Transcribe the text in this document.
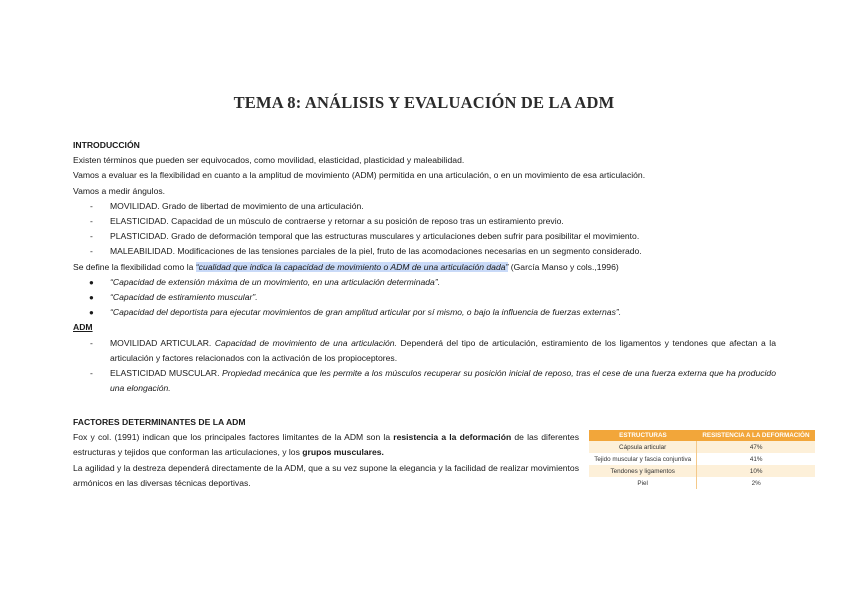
TEMA 8: ANÁLISIS Y EVALUACIÓN DE LA ADM
INTRODUCCIÓN
Existen términos que pueden ser equivocados, como movilidad, elasticidad, plasticidad y maleabilidad.
Vamos a evaluar es la flexibilidad en cuanto a la amplitud de movimiento (ADM) permitida en una articulación, o en un movimiento de esa articulación.
Vamos a medir ángulos.
- MOVILIDAD. Grado de libertad de movimiento de una articulación.
- ELASTICIDAD. Capacidad de un músculo de contraerse y retornar a su posición de reposo tras un estiramiento previo.
- PLASTICIDAD. Grado de deformación temporal que las estructuras musculares y articulaciones deben sufrir para posibilitar el movimiento.
- MALEABILIDAD. Modificaciones de las tensiones parciales de la piel, fruto de las acomodaciones necesarias en un segmento considerado.
Se define la flexibilidad como la “cualidad que indica la capacidad de movimiento o ADM de una articulación dada” (García Manso y cols.,1996)
● “Capacidad de extensión máxima de un movimiento, en una articulación determinada”.
● “Capacidad de estiramiento muscular”.
● “Capacidad del deportista para ejecutar movimientos de gran amplitud articular por sí mismo, o bajo la influencia de fuerzas externas”.
ADM
- MOVILIDAD ARTICULAR. Capacidad de movimiento de una articulación. Dependerá del tipo de articulación, estiramiento de los ligamentos y tendones que afectan a la articulación y factores relacionados con la activación de los propioceptores.
- ELASTICIDAD MUSCULAR. Propiedad mecánica que les permite a los músculos recuperar su posición inicial de reposo, tras el cese de una fuerza externa que ha producido una elongación.
FACTORES DETERMINANTES DE LA ADM
Fox y col. (1991) indican que los principales factores limitantes de la ADM son la resistencia a la deformación de las diferentes estructuras y tejidos que conforman las articulaciones, y los grupos musculares.
La agilidad y la destreza dependerá directamente de la ADM, que a su vez supone la elegancia y la facilidad de realizar movimientos armónicos en las diversas técnicas deportivas.
ESTRUCTURAS	RESISTENCIA A LA DEFORMACIÓN
Cápsula articular	47%
Tejido muscular y fascia conjuntiva	41%
Tendones y ligamentos	10%
Piel	2%
